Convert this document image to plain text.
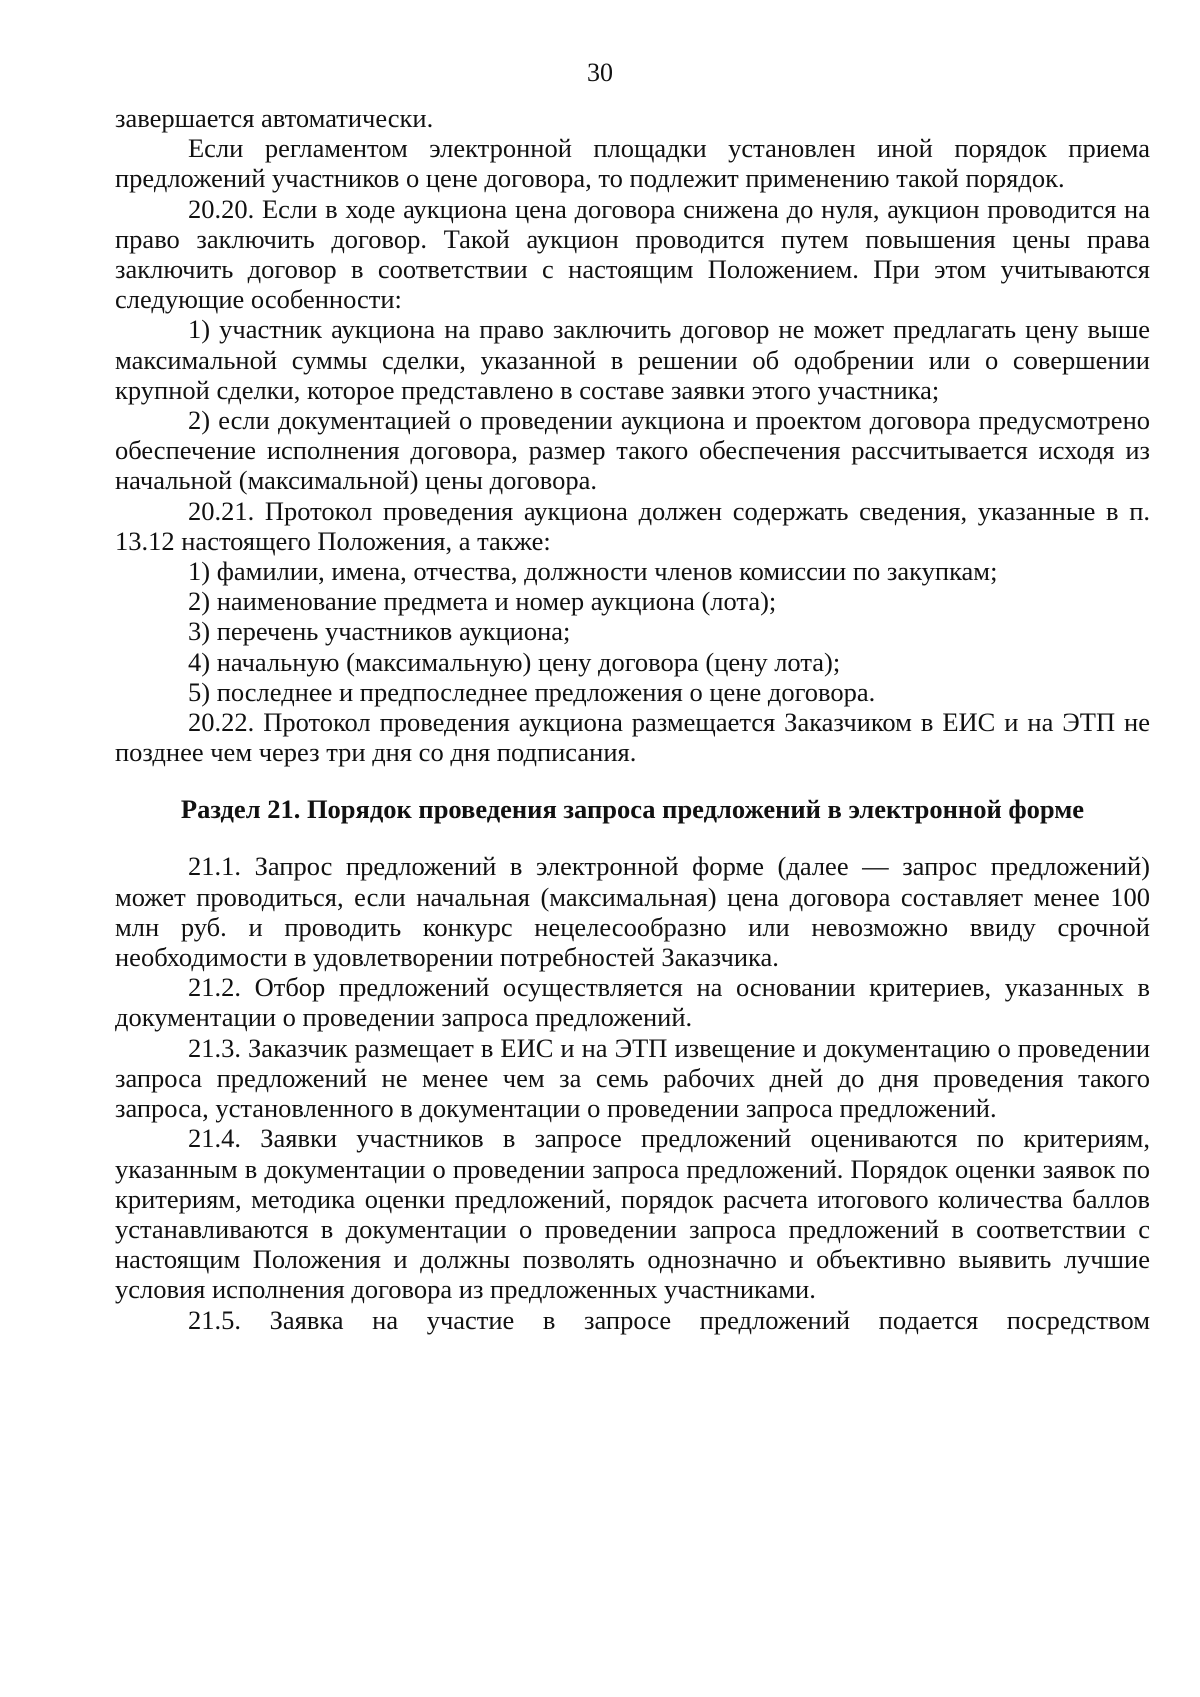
30

завершается автоматически.

Если регламентом электронной площадки установлен иной порядок приема предложений участников о цене договора, то подлежит применению такой порядок.

20.20. Если в ходе аукциона цена договора снижена до нуля, аукцион проводится на право заключить договор. Такой аукцион проводится путем повышения цены права заключить договор в соответствии с настоящим Положением. При этом учитываются следующие особенности:

1) участник аукциона на право заключить договор не может предлагать цену выше максимальной суммы сделки, указанной в решении об одобрении или о совершении крупной сделки, которое представлено в составе заявки этого участника;

2) если документацией о проведении аукциона и проектом договора предусмотрено обеспечение исполнения договора, размер такого обеспечения рассчитывается исходя из начальной (максимальной) цены договора.

20.21. Протокол проведения аукциона должен содержать сведения, указанные в п. 13.12 настоящего Положения, а также:

1) фамилии, имена, отчества, должности членов комиссии по закупкам;

2) наименование предмета и номер аукциона (лота);

3) перечень участников аукциона;

4) начальную (максимальную) цену договора (цену лота);

5) последнее и предпоследнее предложения о цене договора.

20.22. Протокол проведения аукциона размещается Заказчиком в ЕИС и на ЭТП не позднее чем через три дня со дня подписания.

Раздел 21. Порядок проведения запроса предложений в электронной форме

21.1. Запрос предложений в электронной форме (далее — запрос предложений) может проводиться, если начальная (максимальная) цена договора составляет менее 100 млн руб. и проводить конкурс нецелесообразно или невозможно ввиду срочной необходимости в удовлетворении потребностей Заказчика.

21.2. Отбор предложений осуществляется на основании критериев, указанных в документации о проведении запроса предложений.

21.3. Заказчик размещает в ЕИС и на ЭТП извещение и документацию о проведении запроса предложений не менее чем за семь рабочих дней до дня проведения такого запроса, установленного в документации о проведении запроса предложений.

21.4. Заявки участников в запросе предложений оцениваются по критериям, указанным в документации о проведении запроса предложений. Порядок оценки заявок по критериям, методика оценки предложений, порядок расчета итогового количества баллов устанавливаются в документации о проведении запроса предложений в соответствии с настоящим Положения и должны позволять однозначно и объективно выявить лучшие условия исполнения договора из предложенных участниками.

21.5. Заявка на участие в запросе предложений подается посредством
